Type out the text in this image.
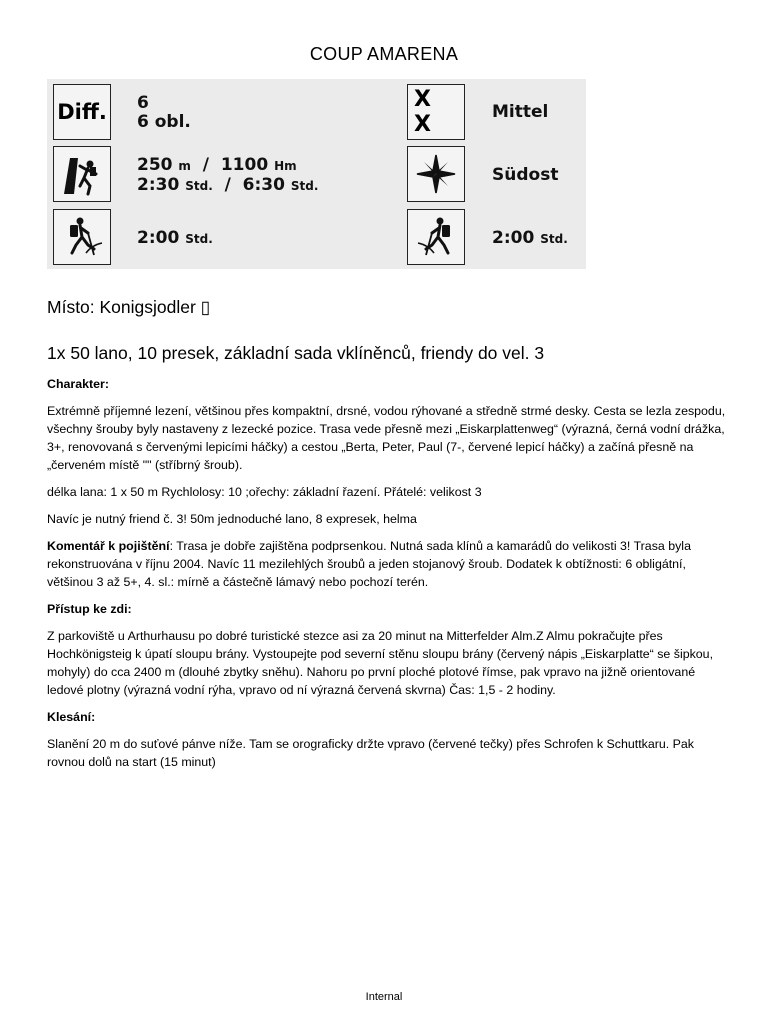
COUP AMARENA
Diff. 6
6 obl.
X X	Mittel
250 m / 1100 Hm
2:30 Std. / 6:30 Std.
Südost
2:00 Std.	2:00 Std.
Místo: Konigsjodler ▯
1x 50 lano, 10 presek, základní sada vklíněnců, friendy do vel. 3
Charakter:
Extrémně příjemné lezení, většinou přes kompaktní, drsné, vodou rýhované a středně strmé desky. Cesta se lezla zespodu, všechny šrouby byly nastaveny z lezecké pozice. Trasa vede přesně mezi „Eiskarplattenweg“ (výrazná, černá vodní drážka, 3+, renovovaná s červenými lepicími háčky) a cestou „Berta, Peter, Paul (7-, červené lepicí háčky) a začíná přesně na „červeném místě "" (stříbrný šroub).
délka lana: 1 x 50 m Rychlolosy: 10 ;ořechy: základní řazení. Přátelé: velikost 3
Navíc je nutný friend č. 3! 50m jednoduché lano, 8 expresek, helma
Komentář k pojištění: Trasa je dobře zajištěna podprsenkou. Nutná sada klínů a kamarádů do velikosti 3! Trasa byla rekonstruována v říjnu 2004. Navíc 11 mezilehlých šroubů a jeden stojanový šroub. Dodatek k obtížnosti: 6 obligátní, většinou 3 až 5+, 4. sl.: mírně a částečně lámavý nebo pochozí terén.
Přístup ke zdi:
Z parkoviště u Arthurhausu po dobré turistické stezce asi za 20 minut na Mitterfelder Alm.Z Almu pokračujte přes Hochkönigsteig k úpatí sloupu brány. Vystoupejte pod severní stěnu sloupu brány (červený nápis „Eiskarplatte“ se šipkou, mohyly) do cca 2400 m (dlouhé zbytky sněhu). Nahoru po první ploché plotové římse, pak vpravo na jižně orientované ledové plotny (výrazná vodní rýha, vpravo od ní výrazná červená skvrna) Čas: 1,5 - 2 hodiny.
Klesání:
Slanění 20 m do suťové pánve níže. Tam se orograficky držte vpravo (červené tečky) přes Schrofen k Schuttkaru. Pak rovnou dolů na start (15 minut)
Internal
